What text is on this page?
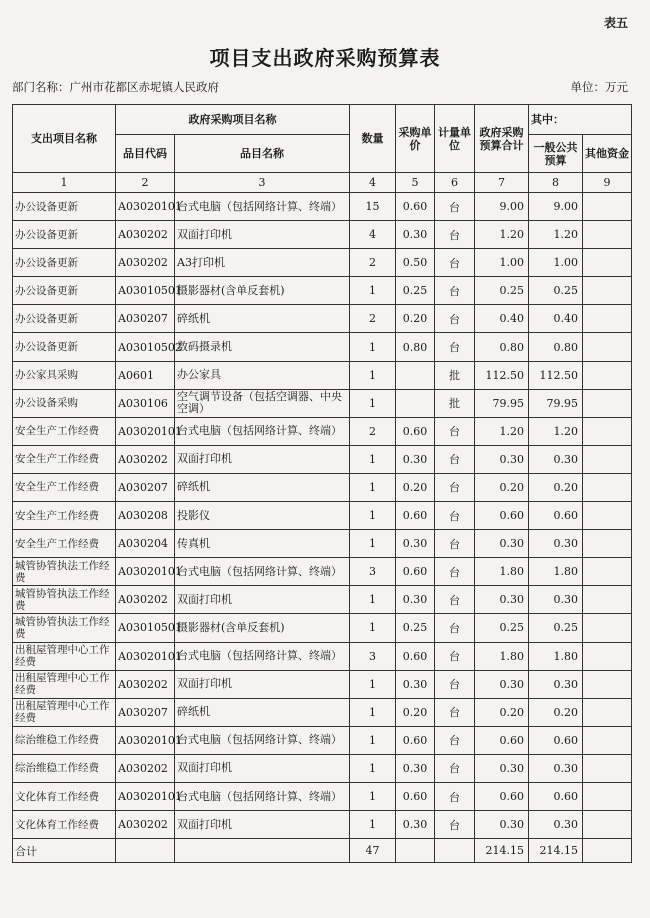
表五
项目支出政府采购预算表
部门名称：广州市花都区赤坭镇人民政府	单位：万元
支出项目名称	政府采购项目名称		数量	采购单价	计量单位	政府采购预算合计	其中：	
	品目代码	品目名称					一般公共预算	其他资金
1	2	3	4	5	6	7	8	9
办公设备更新	A03020101	台式电脑（包括网络计算、终端）	15	0.60	台	9.00	9.00	
办公设备更新	A030202	双面打印机	4	0.30	台	1.20	1.20	
办公设备更新	A030202	A3打印机	2	0.50	台	1.00	1.00	
办公设备更新	A03010501	摄影器材(含单反套机)	1	0.25	台	0.25	0.25	
办公设备更新	A030207	碎纸机	2	0.20	台	0.40	0.40	
办公设备更新	A03010502	数码摄录机	1	0.80	台	0.80	0.80	
办公家具采购	A0601	办公家具	1		批	112.50	112.50	
办公设备采购	A030106	空气调节设备（包括空调器、中央空调）	1		批	79.95	79.95	
安全生产工作经费	A03020101	台式电脑（包括网络计算、终端）	2	0.60	台	1.20	1.20	
安全生产工作经费	A030202	双面打印机	1	0.30	台	0.30	0.30	
安全生产工作经费	A030207	碎纸机	1	0.20	台	0.20	0.20	
安全生产工作经费	A030208	投影仪	1	0.60	台	0.60	0.60	
安全生产工作经费	A030204	传真机	1	0.30	台	0.30	0.30	
城管协管执法工作经费	A03020101	台式电脑（包括网络计算、终端）	3	0.60	台	1.80	1.80	
城管协管执法工作经费	A030202	双面打印机	1	0.30	台	0.30	0.30	
城管协管执法工作经费	A03010501	摄影器材(含单反套机)	1	0.25	台	0.25	0.25	
出租屋管理中心工作经费	A03020101	台式电脑（包括网络计算、终端）	3	0.60	台	1.80	1.80	
出租屋管理中心工作经费	A030202	双面打印机	1	0.30	台	0.30	0.30	
出租屋管理中心工作经费	A030207	碎纸机	1	0.20	台	0.20	0.20	
综治维稳工作经费	A03020101	台式电脑（包括网络计算、终端）	1	0.60	台	0.60	0.60	
综治维稳工作经费	A030202	双面打印机	1	0.30	台	0.30	0.30	
文化体育工作经费	A03020101	台式电脑（包括网络计算、终端）	1	0.60	台	0.60	0.60	
文化体育工作经费	A030202	双面打印机	1	0.30	台	0.30	0.30	
合计			47			214.15	214.15	
